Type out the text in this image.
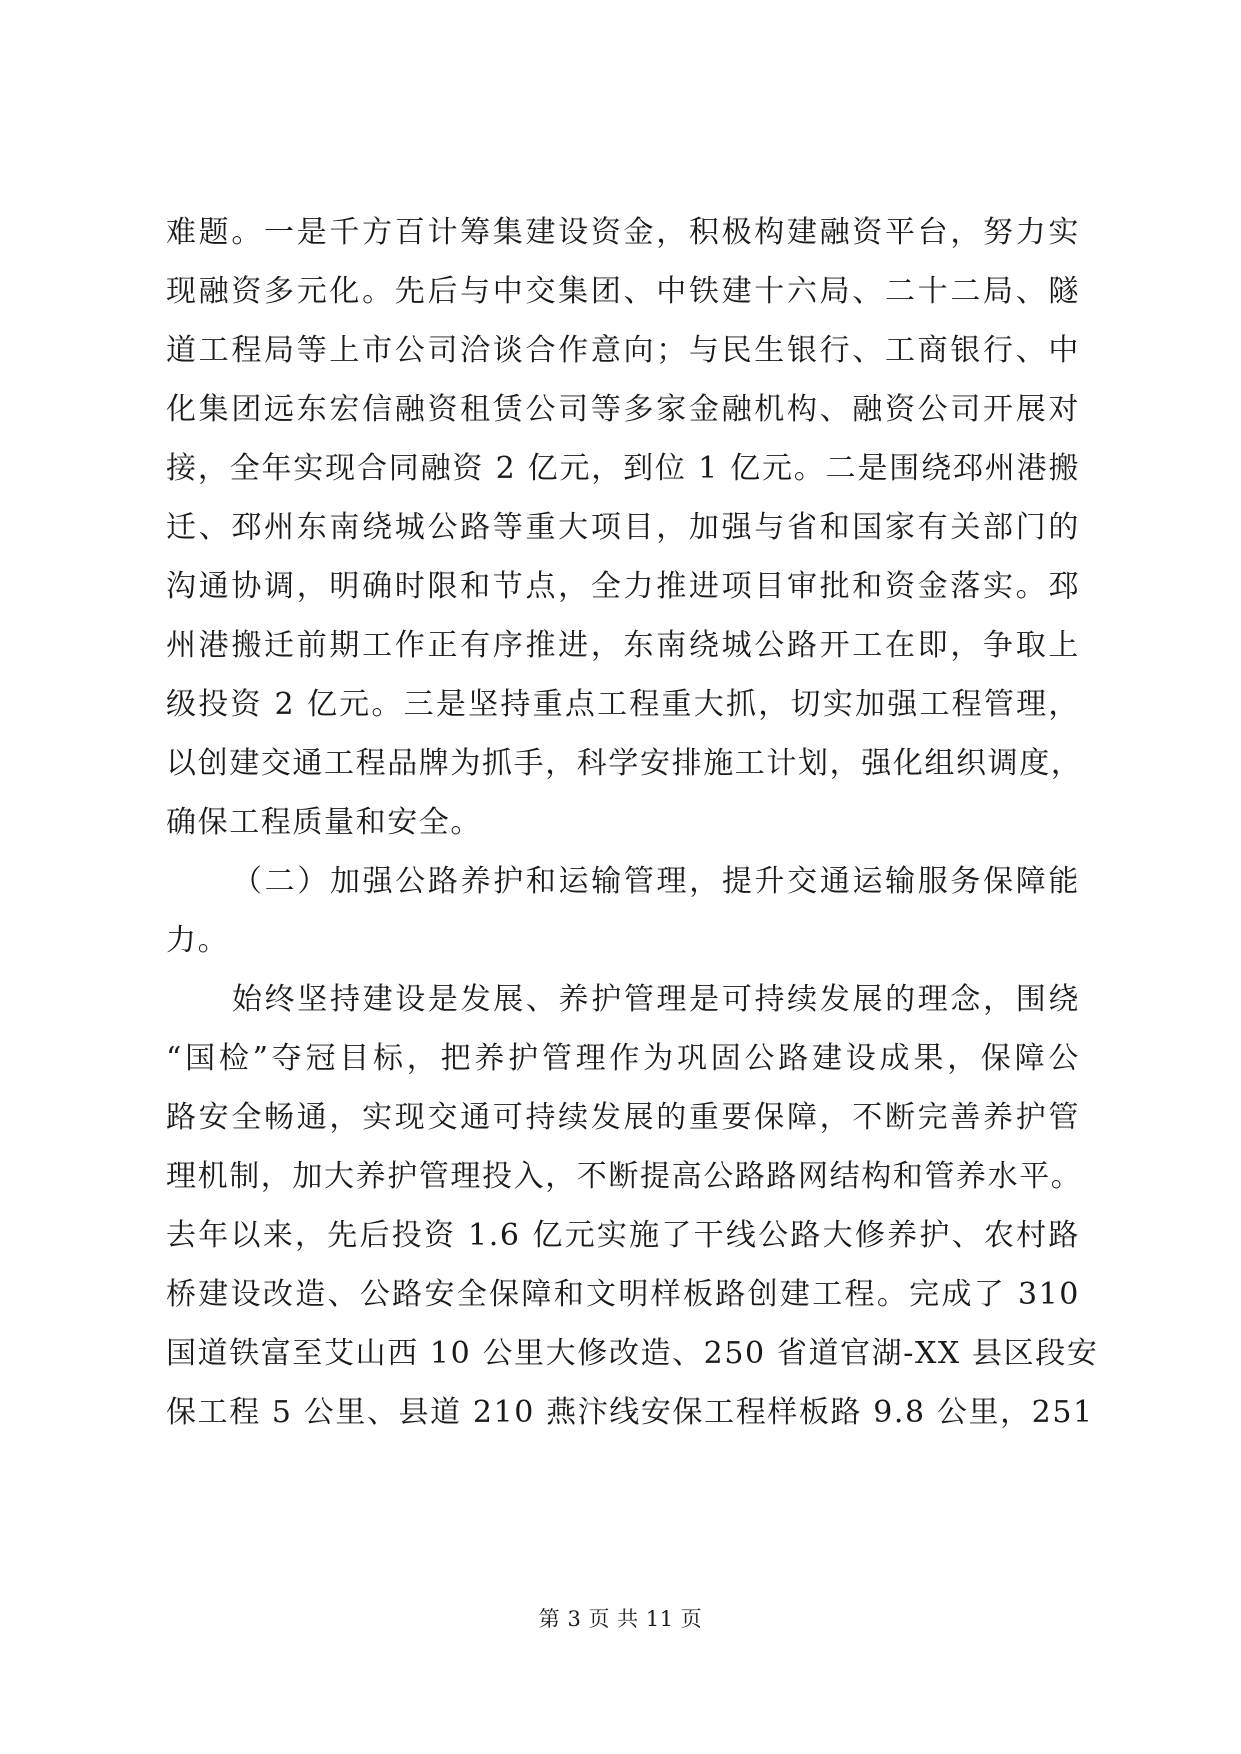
难题。一是千方百计筹集建设资金，积极构建融资平台，努力实
现融资多元化。先后与中交集团、中铁建十六局、二十二局、隧
道工程局等上市公司洽谈合作意向；与民生银行、工商银行、中
化集团远东宏信融资租赁公司等多家金融机构、融资公司开展对
接，全年实现合同融资 2 亿元，到位 1 亿元。二是围绕邳州港搬
迁、邳州东南绕城公路等重大项目，加强与省和国家有关部门的
沟通协调，明确时限和节点，全力推进项目审批和资金落实。邳
州港搬迁前期工作正有序推进，东南绕城公路开工在即，争取上
级投资 2 亿元。三是坚持重点工程重大抓，切实加强工程管理，
以创建交通工程品牌为抓手，科学安排施工计划，强化组织调度，
确保工程质量和安全。
（二）加强公路养护和运输管理，提升交通运输服务保障能
力。
始终坚持建设是发展、养护管理是可持续发展的理念，围绕
“国检”夺冠目标，把养护管理作为巩固公路建设成果，保障公
路安全畅通，实现交通可持续发展的重要保障，不断完善养护管
理机制，加大养护管理投入，不断提高公路路网结构和管养水平。
去年以来，先后投资 1.6 亿元实施了干线公路大修养护、农村路
桥建设改造、公路安全保障和文明样板路创建工程。完成了 310
国道铁富至艾山西 10 公里大修改造、250 省道官湖-XX 县区段安
保工程 5 公里、县道 210 燕汴线安保工程样板路 9.8 公里，251
第 3 页 共 11 页
